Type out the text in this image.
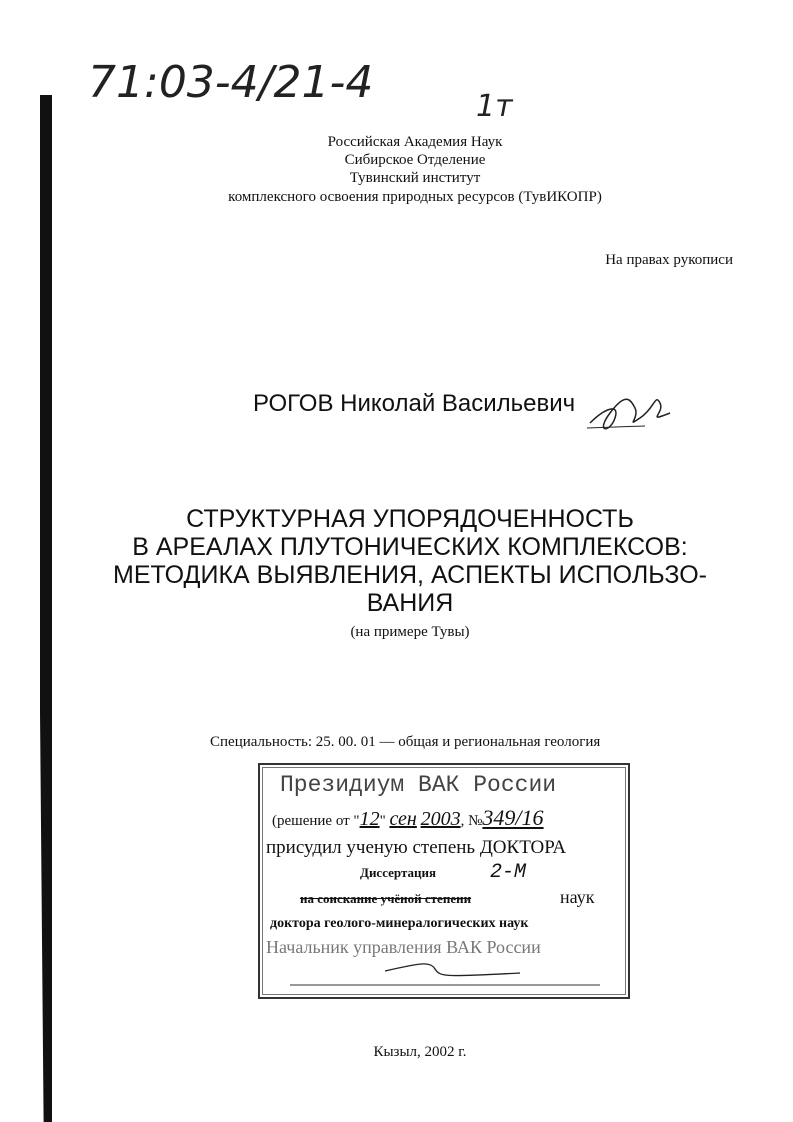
71:03-4/21-4	1т
Российская Академия Наук
Сибирское Отделение
Тувинский институт
комплексного освоения природных ресурсов (ТувИКОПР)
На правах рукописи
РОГОВ Николай Васильевич
СТРУКТУРНАЯ УПОРЯДОЧЕННОСТЬ
В АРЕАЛАХ ПЛУТОНИЧЕСКИХ КОМПЛЕКСОВ:
МЕТОДИКА ВЫЯВЛЕНИЯ, АСПЕКТЫ ИСПОЛЬЗО-
ВАНИЯ
(на примере Тувы)
Специальность: 25. 00. 01 — общая и региональная геология
Президиум ВАК России
(решение от "12" сен 2003, №349/16
присудил ученую степень ДОКТОРА
Диссертация	2-М
на соискание учёной степени	наук
доктора геолого-минералогических наук
Начальник управления ВАК России
Кызыл, 2002 г.
